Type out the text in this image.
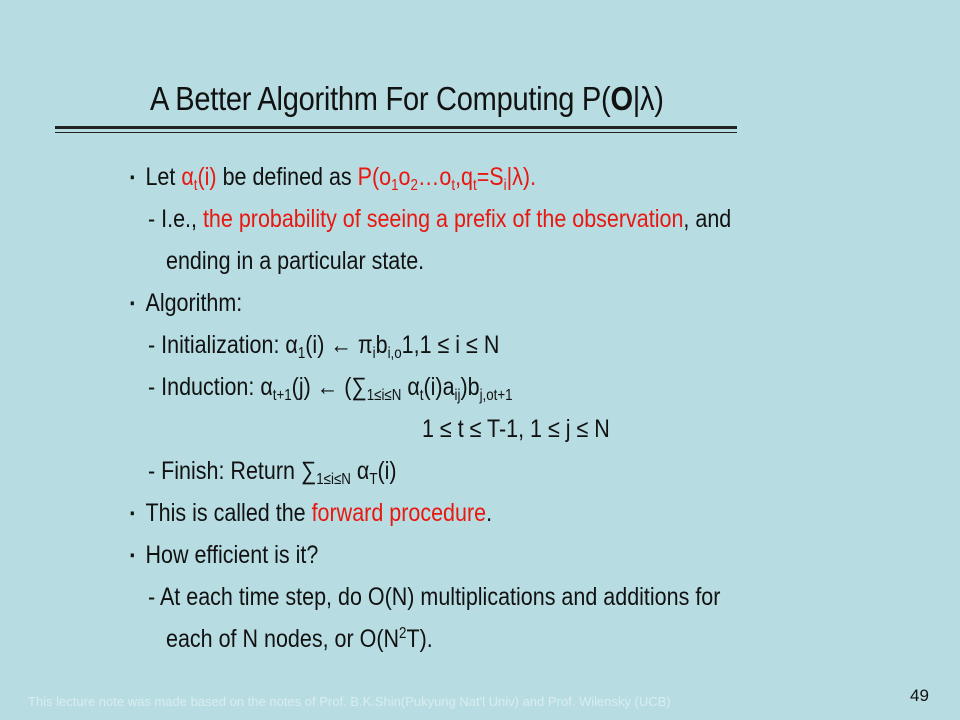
A Better Algorithm For Computing P(O|λ)
▪ Let $\alpha_t(i)$ be defined as $P(o_1o_2\dots o_t,q_t=S_i|\lambda)$.
- I.e., the probability of seeing a prefix of the observation, and
ending in a particular state.
▪ Algorithm:
- Initialization: $\alpha_1(i)$ ← $\pi_ib_{i,o}1,1 \le i \le N$
- Induction: $\alpha_{t+1}(j)$ ← ($\sum_{1\le i\le N}$ $\alpha_t(i)a_{ij})b_{j,ot+1}$
1 ≤ t ≤ T-1, 1 ≤ j ≤ N
- Finish: Return $\sum_{1\le i\le N}$ $\alpha_T(i)$
▪ This is called the forward procedure.
▪ How efficient is it?
- At each time step, do O(N) multiplications and additions for
each of N nodes, or $O(N^2T)$.
This lecture note was made based on the notes of Prof. B.K.Shin(Pukyung Nat'l Univ) and Prof. Wilensky (UCB)	49
